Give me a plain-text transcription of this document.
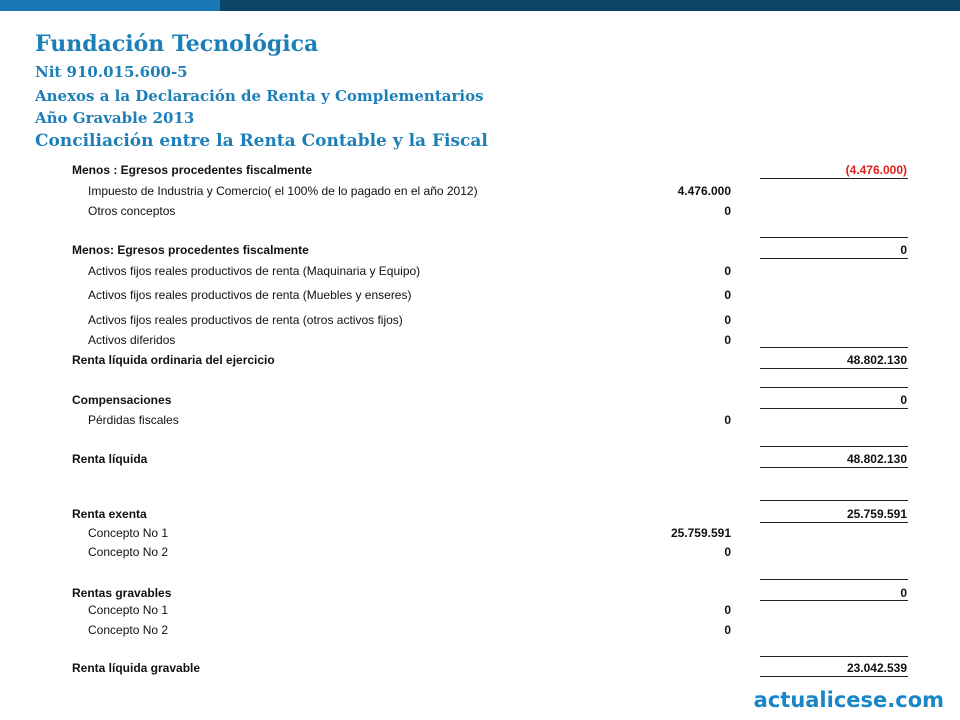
Fundación Tecnológica
Nit 910.015.600-5
Anexos a la Declaración de Renta y Complementarios
Año Gravable 2013
Conciliación entre la Renta Contable y la Fiscal
Menos : Egresos procedentes fiscalmente	(4.476.000)
Impuesto de Industria y Comercio( el 100% de lo pagado en el año 2012)	4.476.000
Otros conceptos	0
Menos: Egresos procedentes fiscalmente	0
Activos fijos reales productivos de renta (Maquinaria y Equipo)	0
Activos fijos reales productivos de renta (Muebles y enseres)	0
Activos fijos reales productivos de renta (otros activos fijos)	0
Activos diferidos	0
Renta líquida ordinaria del ejercicio	48.802.130
Compensaciones	0
Pérdidas fiscales	0
Renta líquida	48.802.130
Renta exenta	25.759.591
Concepto No 1	25.759.591
Concepto No 2	0
Rentas gravables	0
Concepto No 1	0
Concepto No 2	0
Renta líquida gravable	23.042.539
actualicese.com
